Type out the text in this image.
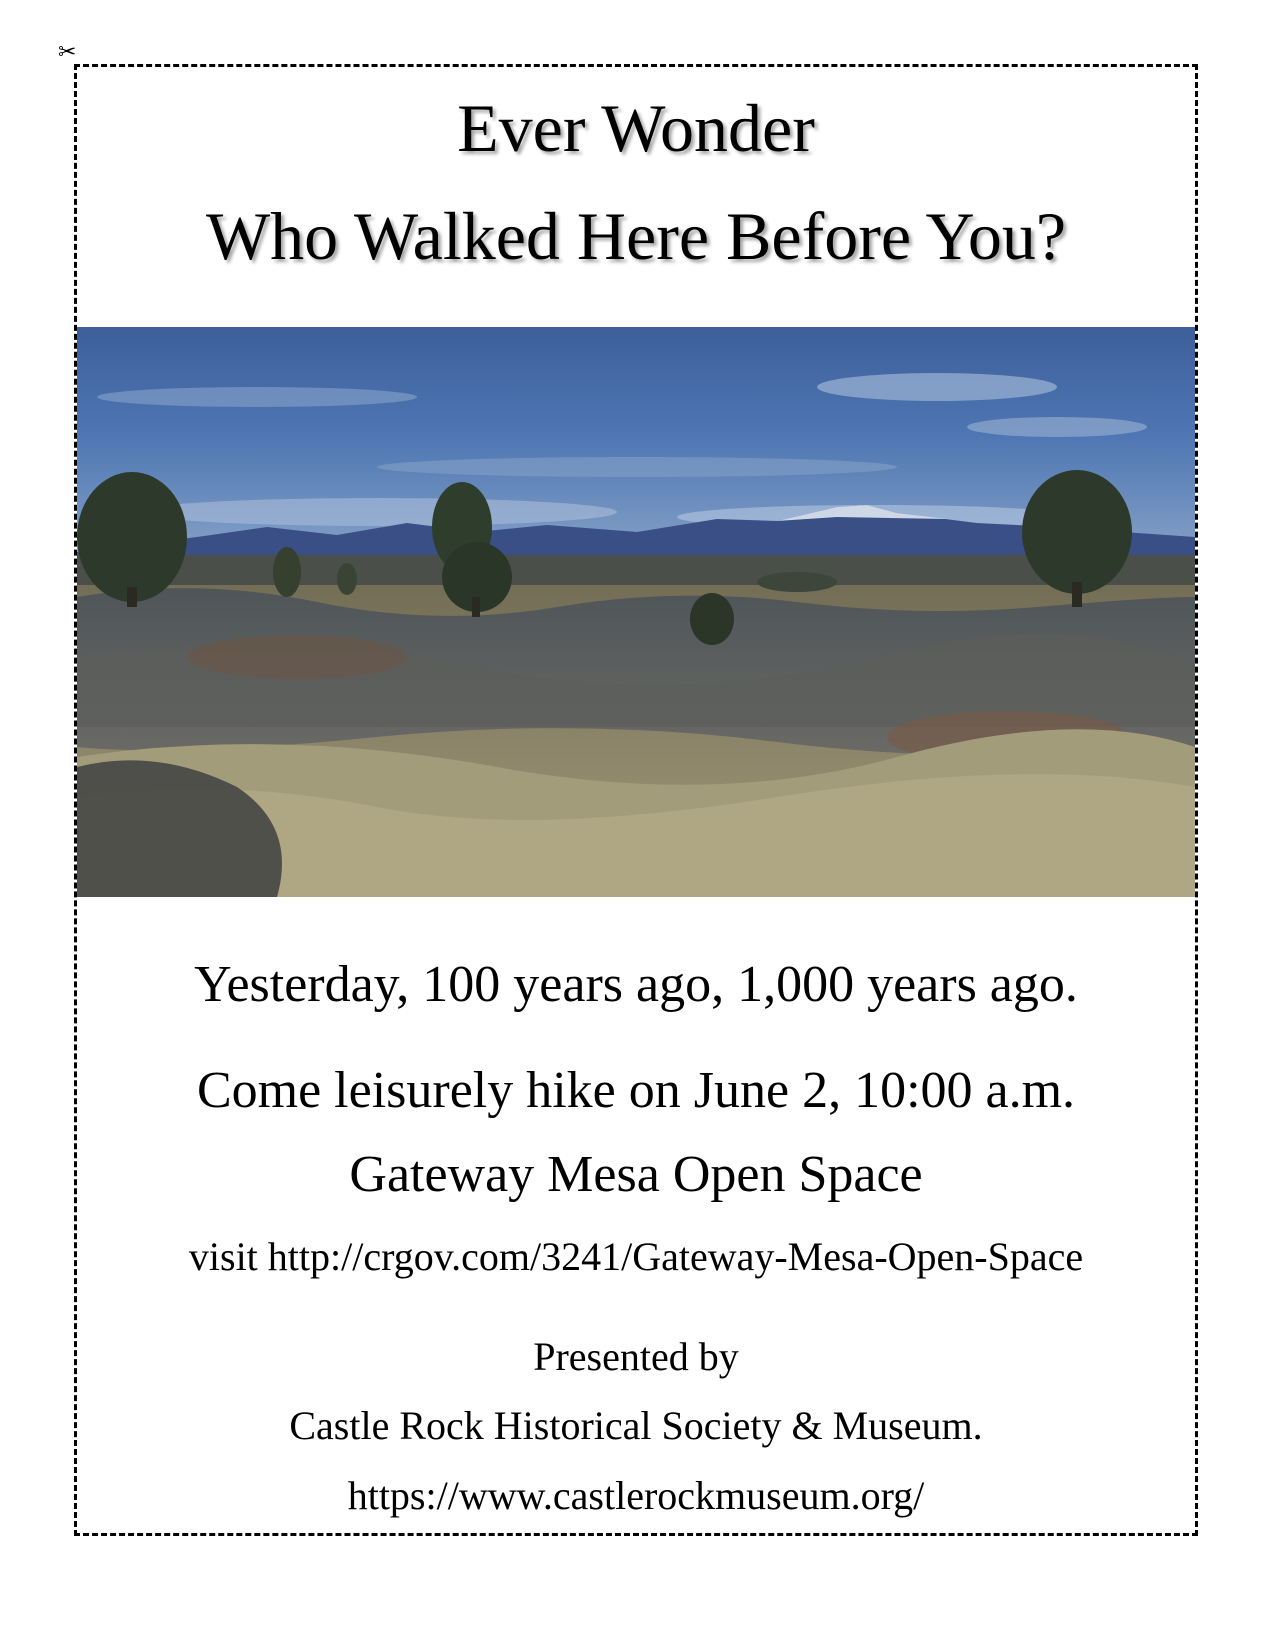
✂
Ever Wonder
Who Walked Here Before You?
Yesterday, 100 years ago, 1,000 years ago.
Come leisurely hike on June 2, 10:00 a.m.
Gateway Mesa Open Space
visit http://crgov.com/3241/Gateway-Mesa-Open-Space
Presented by
Castle Rock Historical Society & Museum.
https://www.castlerockmuseum.org/
